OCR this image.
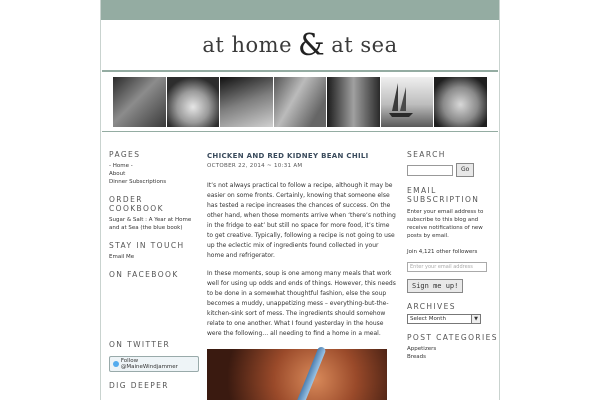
at home & at sea
PAGES
- Home -
About
Dinner Subscriptions
ORDER COOKBOOK
Sugar & Salt : A Year at Home and at Sea (the blue book)
STAY IN TOUCH
Email Me
ON FACEBOOK
ON TWITTER
Follow @MaineWindjammer
DIG DEEPER
CHICKEN AND RED KIDNEY BEAN CHILI
OCTOBER 22, 2014 ~ 10:31 AM
It’s not always practical to follow a recipe, although it may be easier on some fronts. Certainly, knowing that someone else has tested a recipe increases the chances of success. On the other hand, when those moments arrive when ‘there’s nothing in the fridge to eat’ but still no space for more food, it’s time to get creative. Typically, following a recipe is not going to use up the eclectic mix of ingredients found collected in your home and refrigerator.
In these moments, soup is one among many meals that work well for using up odds and ends of things. However, this needs to be done in a somewhat thoughtful fashion, else the soup becomes a muddy, unappetizing mess – everything-but-the-kitchen-sink sort of mess. The ingredients should somehow relate to one another. What I found yesterday in the house were the following… all needing to find a home in a meal.
SEARCH
Go
EMAIL SUBSCRIPTION
Enter your email address to subscribe to this blog and receive notifications of new posts by email.
Join 4,121 other followers
Enter your email address
Sign me up!
ARCHIVES
Select Month	▼
POST CATEGORIES
Appetizers
Breads
